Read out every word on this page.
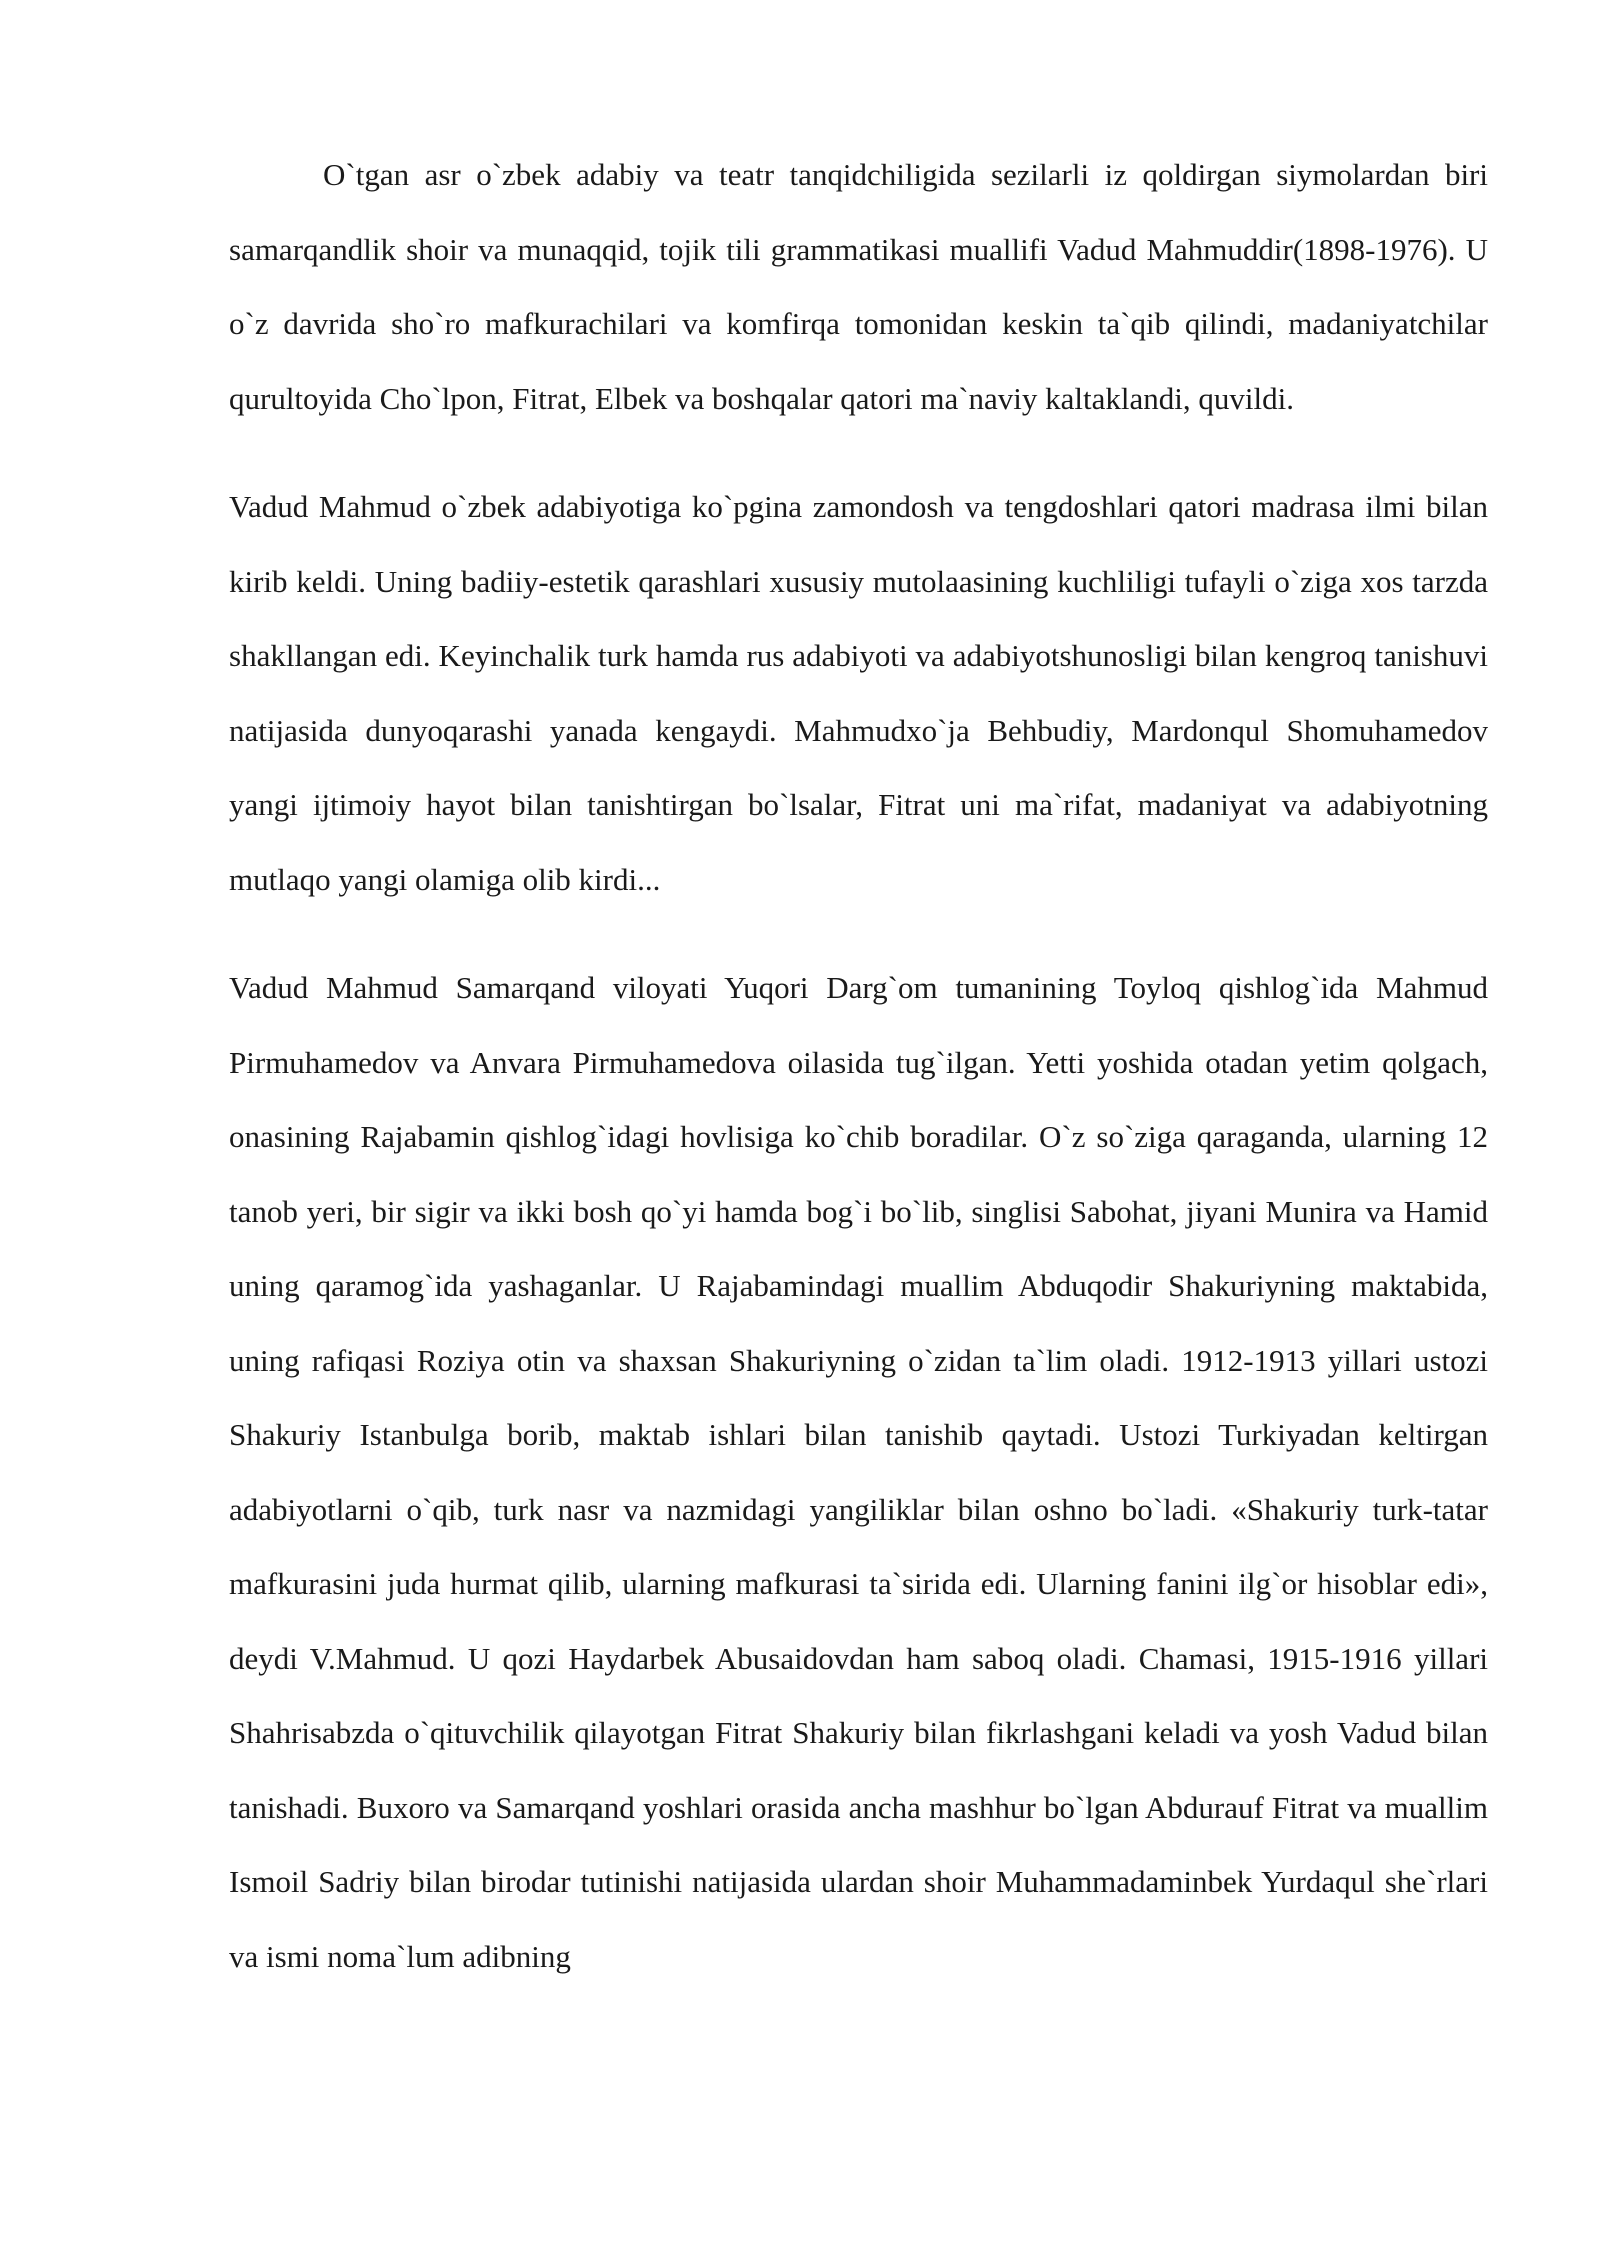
O`tgan asr o`zbek adabiy va teatr tanqidchiligida sezilarli iz qoldirgan siymolardan biri samarqandlik shoir va munaqqid, tojik tili grammatikasi muallifi Vadud Mahmuddir(1898-1976). U o`z davrida sho`ro mafkurachilari va komfirqa tomonidan keskin ta`qib qilindi, madaniyatchilar qurultoyida Cho`lpon, Fitrat, Elbek va boshqalar qatori ma`naviy kaltaklandi, quvildi.

Vadud Mahmud o`zbek adabiyotiga ko`pgina zamondosh va tengdoshlari qatori madrasa ilmi bilan kirib keldi. Uning badiiy-estetik qarashlari xususiy mutolaasining kuchliligi tufayli o`ziga xos tarzda shakllangan edi. Keyinchalik turk hamda rus adabiyoti va adabiyotshunosligi bilan kengroq tanishuvi natijasida dunyoqarashi yanada kengaydi. Mahmudxo`ja Behbudiy, Mardonqul Shomuhamedov yangi ijtimoiy hayot bilan tanishtirgan bo`lsalar, Fitrat uni ma`rifat, madaniyat va adabiyotning mutlaqo yangi olamiga olib kirdi...

Vadud Mahmud Samarqand viloyati Yuqori Darg`om tumanining Toyloq qishlog`ida Mahmud Pirmuhamedov va Anvara Pirmuhamedova oilasida tug`ilgan. Yetti yoshida otadan yetim qolgach, onasining Rajabamin qishlog`idagi hovlisiga ko`chib boradilar. O`z so`ziga qaraganda, ularning 12 tanob yeri, bir sigir va ikki bosh qo`yi hamda bog`i bo`lib, singlisi Sabohat, jiyani Munira va Hamid uning qaramog`ida yashaganlar. U Rajabamindagi muallim Abduqodir Shakuriyning maktabida, uning rafiqasi Roziya otin va shaxsan Shakuriyning o`zidan ta`lim oladi. 1912-1913 yillari ustozi Shakuriy Istanbulga borib, maktab ishlari bilan tanishib qaytadi. Ustozi Turkiyadan keltirgan adabiyotlarni o`qib, turk nasr va nazmidagi yangiliklar bilan oshno bo`ladi. «Shakuriy turk-tatar mafkurasini juda hurmat qilib, ularning mafkurasi ta`sirida edi. Ularning fanini ilg`or hisoblar edi», deydi V.Mahmud. U qozi Haydarbek Abusaidovdan ham saboq oladi. Chamasi, 1915-1916 yillari Shahrisabzda o`qituvchilik qilayotgan Fitrat Shakuriy bilan fikrlashgani keladi va yosh Vadud bilan tanishadi. Buxoro va Samarqand yoshlari orasida ancha mashhur bo`lgan Abdurauf Fitrat va muallim Ismoil Sadriy bilan birodar tutinishi natijasida ulardan shoir Muhammadaminbek Yurdaqul she`rlari va ismi noma`lum adibning
